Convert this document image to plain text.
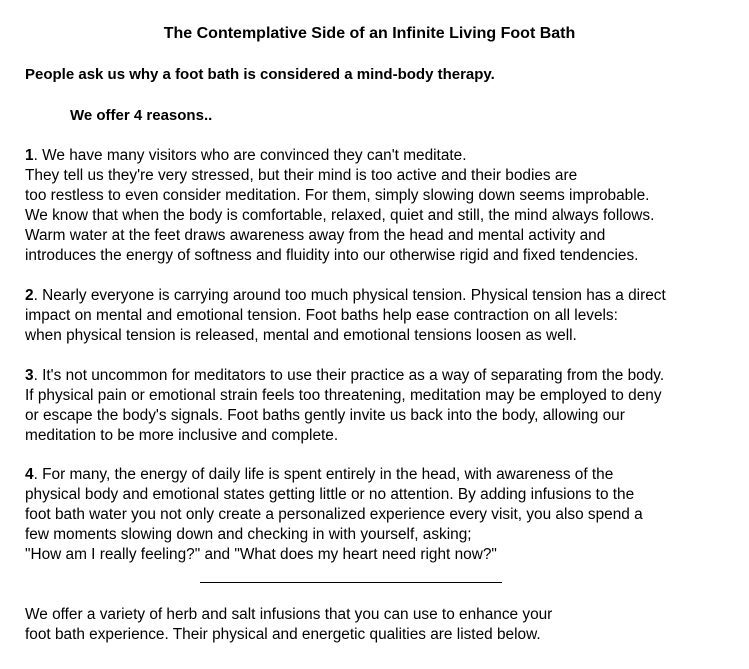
The Contemplative Side of an Infinite Living Foot Bath
People ask us why a foot bath is considered a mind-body therapy.
We offer 4 reasons..
1. We have many visitors who are convinced they can't meditate.
They tell us they're very stressed, but their mind is too active and their bodies are
too restless to even consider meditation. For them, simply slowing down seems improbable.
We know that when the body is comfortable, relaxed, quiet and still, the mind always follows.
Warm water at the feet draws awareness away from the head and mental activity and
introduces the energy of softness and fluidity into our otherwise rigid and fixed tendencies.
2. Nearly everyone is carrying around too much physical tension. Physical tension has a direct
impact on mental and emotional tension. Foot baths help ease contraction on all levels:
when physical tension is released, mental and emotional tensions loosen as well.
3. It's not uncommon for meditators to use their practice as a way of separating from the body.
If physical pain or emotional strain feels too threatening, meditation may be employed to deny
or escape the body's signals. Foot baths gently invite us back into the body, allowing our
meditation to be more inclusive and complete.
4. For many, the energy of daily life is spent entirely in the head, with awareness of the
physical body and emotional states getting little or no attention. By adding infusions to the
foot bath water you not only create a personalized experience every visit, you also spend a
few moments slowing down and checking in with yourself, asking;
"How am I really feeling?" and "What does my heart need right now?"
We offer a variety of herb and salt infusions that you can use to enhance your
foot bath experience. Their physical and energetic qualities are listed below.
